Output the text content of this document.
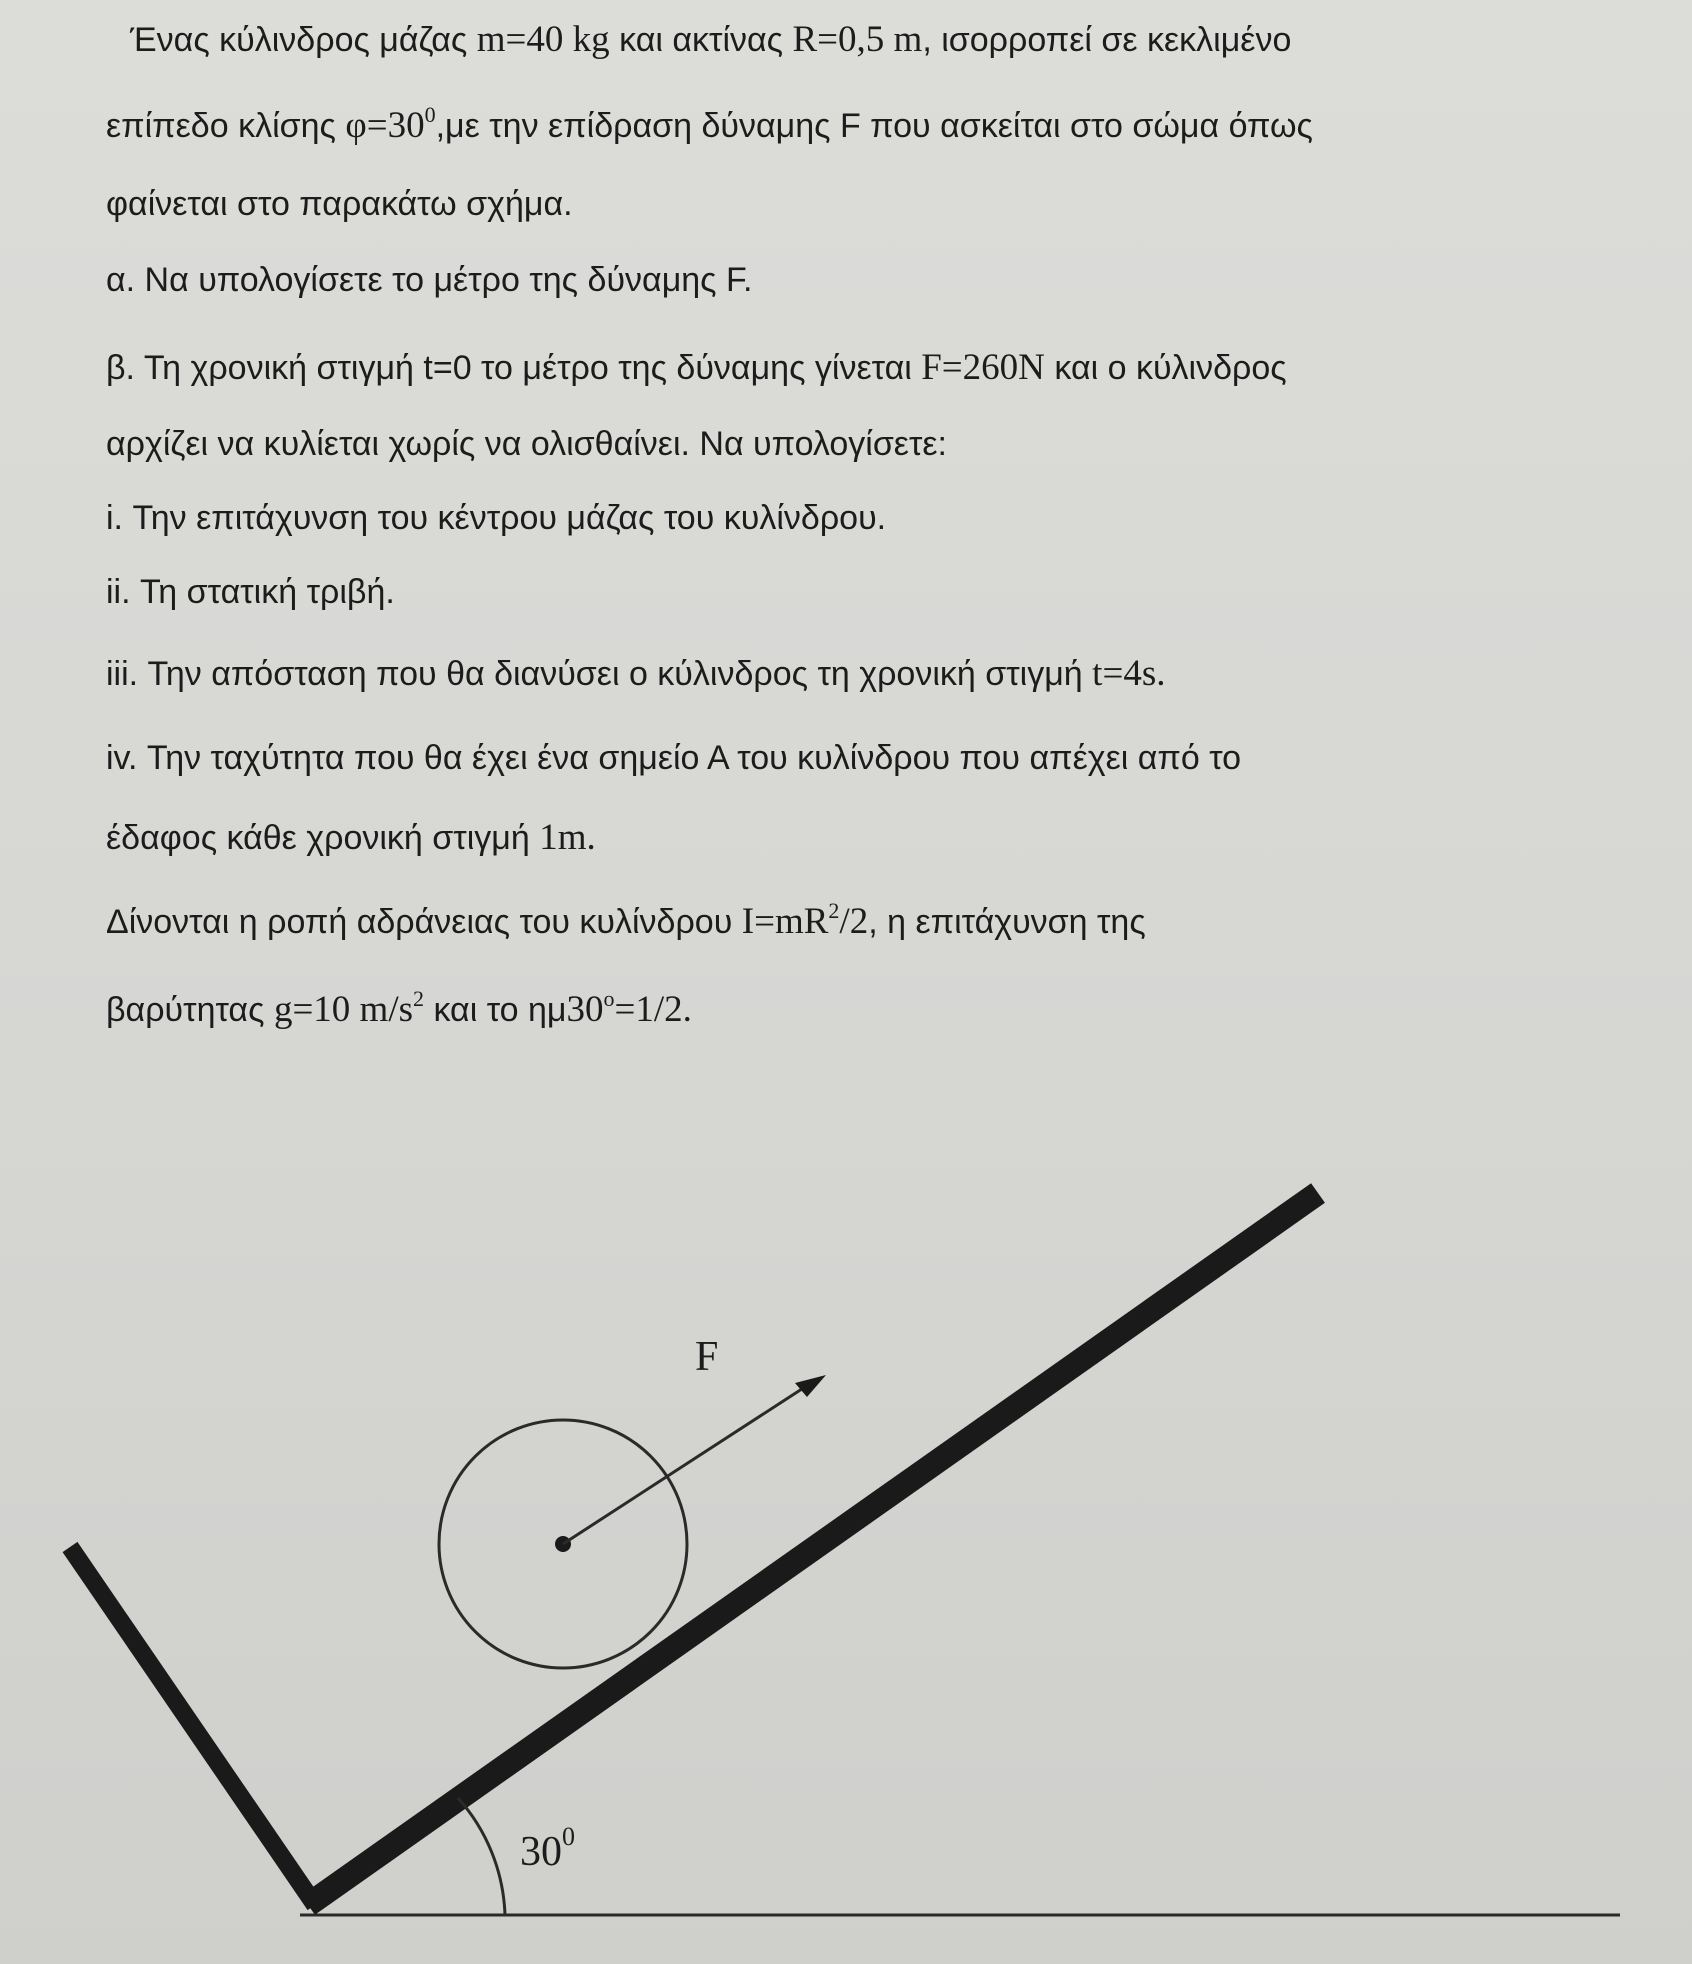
Ένας κύλινδρος μάζας m=40 kg και ακτίνας R=0,5 m, ισορροπεί σε κεκλιμένο
επίπεδο κλίσης $\varphi=30^0,\mu\varepsilon$ την επίδραση δύναμης F που ασκείται στο σώμα όπως
φαίνεται στο παρακάτω σχήμα.
α. Να υπολογίσετε το μέτρο της δύναμης F.
β. Τη χρονική στιγμή t=0 το μέτρο της δύναμης γίνεται F=260N και ο κύλινδρος
αρχίζει να κυλίεται χωρίς να ολισθαίνει. Να υπολογίσετε:
i. Την επιτάχυνση του κέντρου μάζας του κυλίνδρου.
ii. Τη στατική τριβή.
iii. Την απόσταση που θα διανύσει ο κύλινδρος τη χρονική στιγμή t=4s.
iv. Την ταχύτητα που θα έχει ένα σημείο Α του κυλίνδρου που απέχει από το
έδαφος κάθε χρονική στιγμή 1m.
Δίνονται η ροπή αδράνειας του κυλίνδρου $I=mR^2/2$, η επιτάχυνση της
βαρύτητας g=10 $m/s^2$ και το $\eta\mu 30^o=1/2$.
F
$30^0$
